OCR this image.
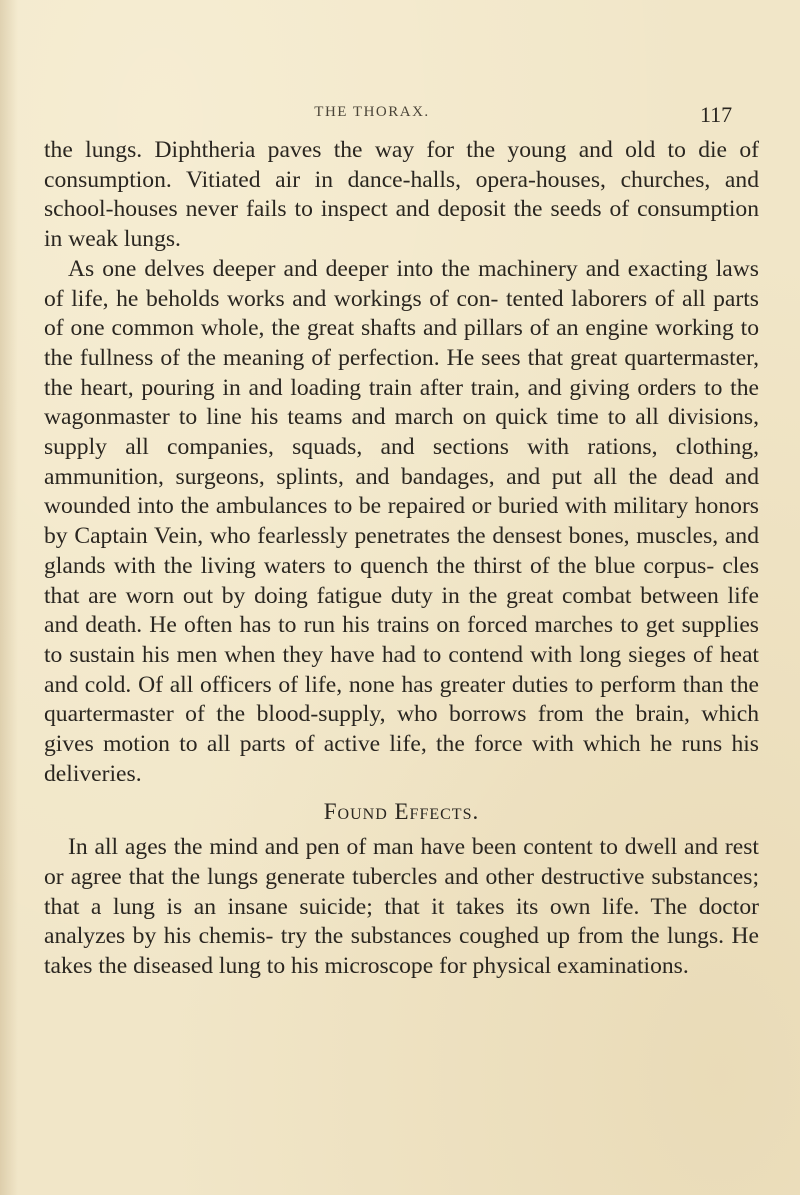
THE THORAX.	117

the lungs. Diphtheria paves the way for the young and old to die of consumption. Vitiated air in dance-halls, opera-houses, churches, and school-houses never fails to inspect and deposit the seeds of consumption in weak lungs.

As one delves deeper and deeper into the machinery and exacting laws of life, he beholds works and workings of con- tented laborers of all parts of one common whole, the great shafts and pillars of an engine working to the fullness of the meaning of perfection. He sees that great quartermaster, the heart, pouring in and loading train after train, and giving orders to the wagonmaster to line his teams and march on quick time to all divisions, supply all companies, squads, and sections with rations, clothing, ammunition, surgeons, splints, and bandages, and put all the dead and wounded into the ambulances to be repaired or buried with military honors by Captain Vein, who fearlessly penetrates the densest bones, muscles, and glands with the living waters to quench the thirst of the blue corpus- cles that are worn out by doing fatigue duty in the great combat between life and death. He often has to run his trains on forced marches to get supplies to sustain his men when they have had to contend with long sieges of heat and cold. Of all officers of life, none has greater duties to perform than the quartermaster of the blood-supply, who borrows from the brain, which gives motion to all parts of active life, the force with which he runs his deliveries.

Found Effects.

In all ages the mind and pen of man have been content to dwell and rest or agree that the lungs generate tubercles and other destructive substances; that a lung is an insane suicide; that it takes its own life. The doctor analyzes by his chemis- try the substances coughed up from the lungs. He takes the diseased lung to his microscope for physical examinations.
